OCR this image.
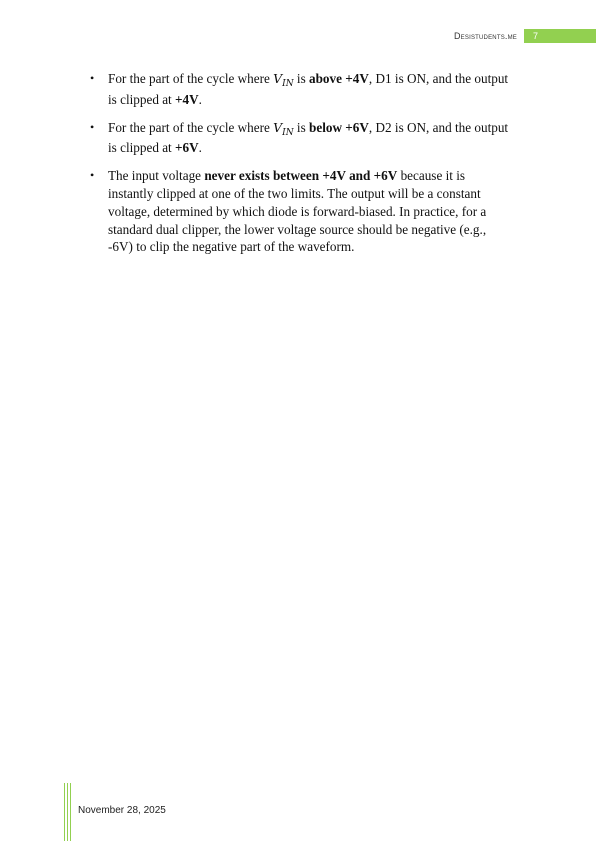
Desistudents.me	7
• For the part of the cycle where $V_{IN}$ is above +4V, D1 is ON, and the output is clipped at +4V.
• For the part of the cycle where $V_{IN}$ is below +6V, D2 is ON, and the output is clipped at +6V.
• The input voltage never exists between +4V and +6V because it is instantly clipped at one of the two limits. The output will be a constant voltage, determined by which diode is forward-biased. In practice, for a standard dual clipper, the lower voltage source should be negative (e.g., -6V) to clip the negative part of the waveform.
November 28, 2025
